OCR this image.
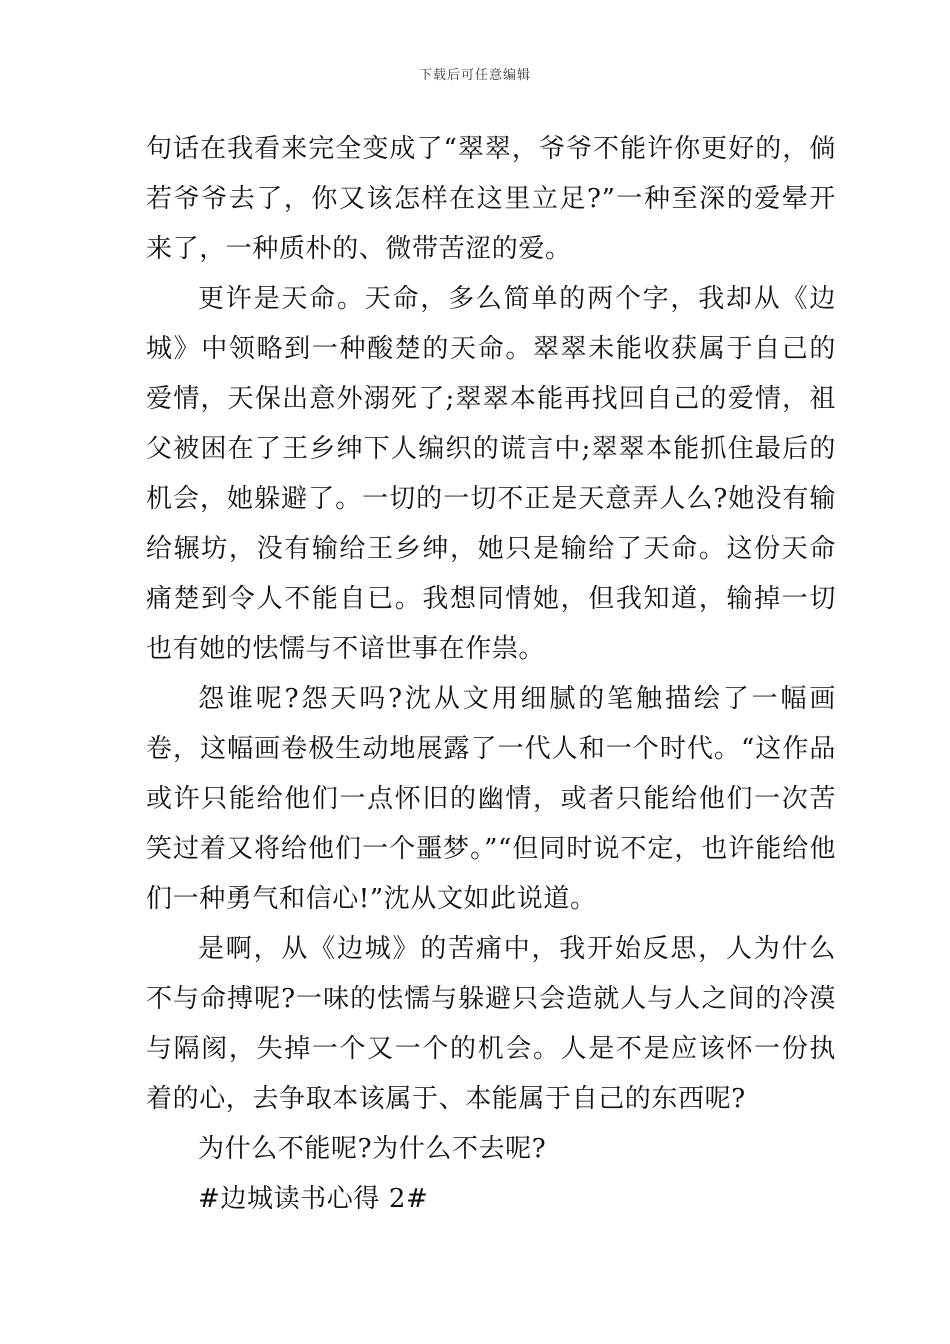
下载后可任意编辑

句话在我看来完全变成了“翠翠，爷爷不能许你更好的，倘若爷爷去了，你又该怎样在这里立足?”一种至深的爱晕开来了，一种质朴的、微带苦涩的爱。

更许是天命。天命，多么简单的两个字，我却从《边城》中领略到一种酸楚的天命。翠翠未能收获属于自己的爱情，天保出意外溺死了;翠翠本能再找回自己的爱情，祖父被困在了王乡绅下人编织的谎言中;翠翠本能抓住最后的机会，她躲避了。一切的一切不正是天意弄人么?她没有输给辗坊，没有输给王乡绅，她只是输给了天命。这份天命痛楚到令人不能自已。我想同情她，但我知道，输掉一切也有她的怯懦与不谙世事在作祟。

怨谁呢?怨天吗?沈从文用细腻的笔触描绘了一幅画卷，这幅画卷极生动地展露了一代人和一个时代。“这作品或许只能给他们一点怀旧的幽情，或者只能给他们一次苦笑过着又将给他们一个噩梦。”“但同时说不定，也许能给他们一种勇气和信心!”沈从文如此说道。

是啊，从《边城》的苦痛中，我开始反思，人为什么不与命搏呢?一味的怯懦与躲避只会造就人与人之间的冷漠与隔阂，失掉一个又一个的机会。人是不是应该怀一份执着的心，去争取本该属于、本能属于自己的东西呢?

为什么不能呢?为什么不去呢?

#边城读书心得 2#
